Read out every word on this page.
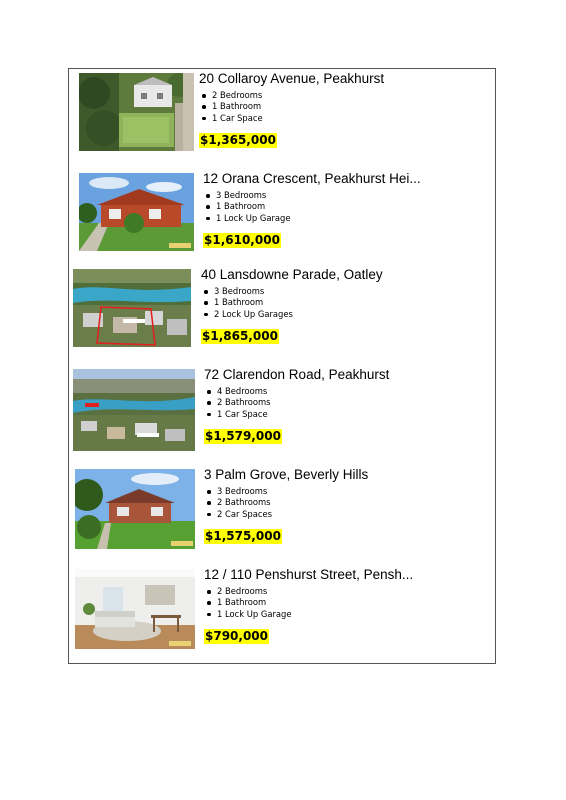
20 Collaroy Avenue, Peakhurst
2 Bedrooms
1 Bathroom
1 Car Space
$1,365,000
12 Orana Crescent, Peakhurst Hei...
3 Bedrooms
1 Bathroom
1 Lock Up Garage
$1,610,000
40 Lansdowne Parade, Oatley
3 Bedrooms
1 Bathroom
2 Lock Up Garages
$1,865,000
72 Clarendon Road, Peakhurst
4 Bedrooms
2 Bathrooms
1 Car Space
$1,579,000
3 Palm Grove, Beverly Hills
3 Bedrooms
2 Bathrooms
2 Car Spaces
$1,575,000
12 / 110 Penshurst Street, Pensh...
2 Bedrooms
1 Bathroom
1 Lock Up Garage
$790,000
